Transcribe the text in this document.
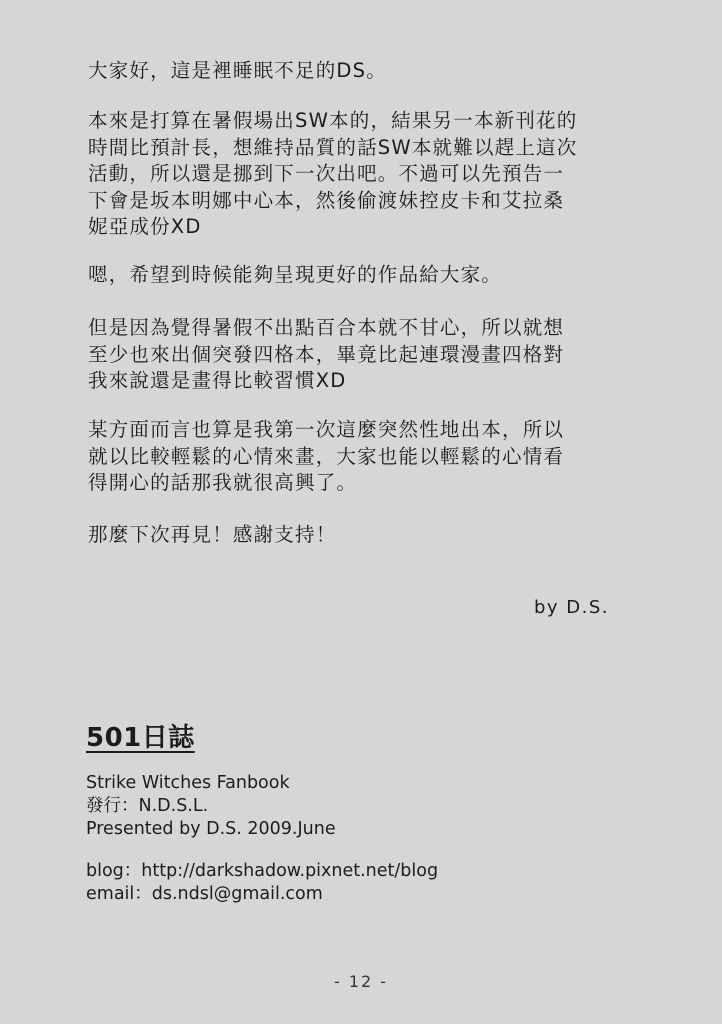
大家好，這是裡睡眠不足的DS。
本來是打算在暑假場出SW本的，結果另一本新刊花的
時間比預計長，想維持品質的話SW本就難以趕上這次
活動，所以還是挪到下一次出吧。不過可以先預告一
下會是坂本明娜中心本，然後偷渡妹控皮卡和艾拉桑
妮亞成份XD
嗯，希望到時候能夠呈現更好的作品給大家。
但是因為覺得暑假不出點百合本就不甘心，所以就想
至少也來出個突發四格本，畢竟比起連環漫畫四格對
我來說還是畫得比較習慣XD
某方面而言也算是我第一次這麼突然性地出本，所以
就以比較輕鬆的心情來畫，大家也能以輕鬆的心情看
得開心的話那我就很高興了。
那麼下次再見！感謝支持！
by D.S.
501日誌
Strike Witches Fanbook
發行：N.D.S.L.
Presented by D.S. 2009.June
blog：http://darkshadow.pixnet.net/blog
email：ds.ndsl@gmail.com
- 12 -
